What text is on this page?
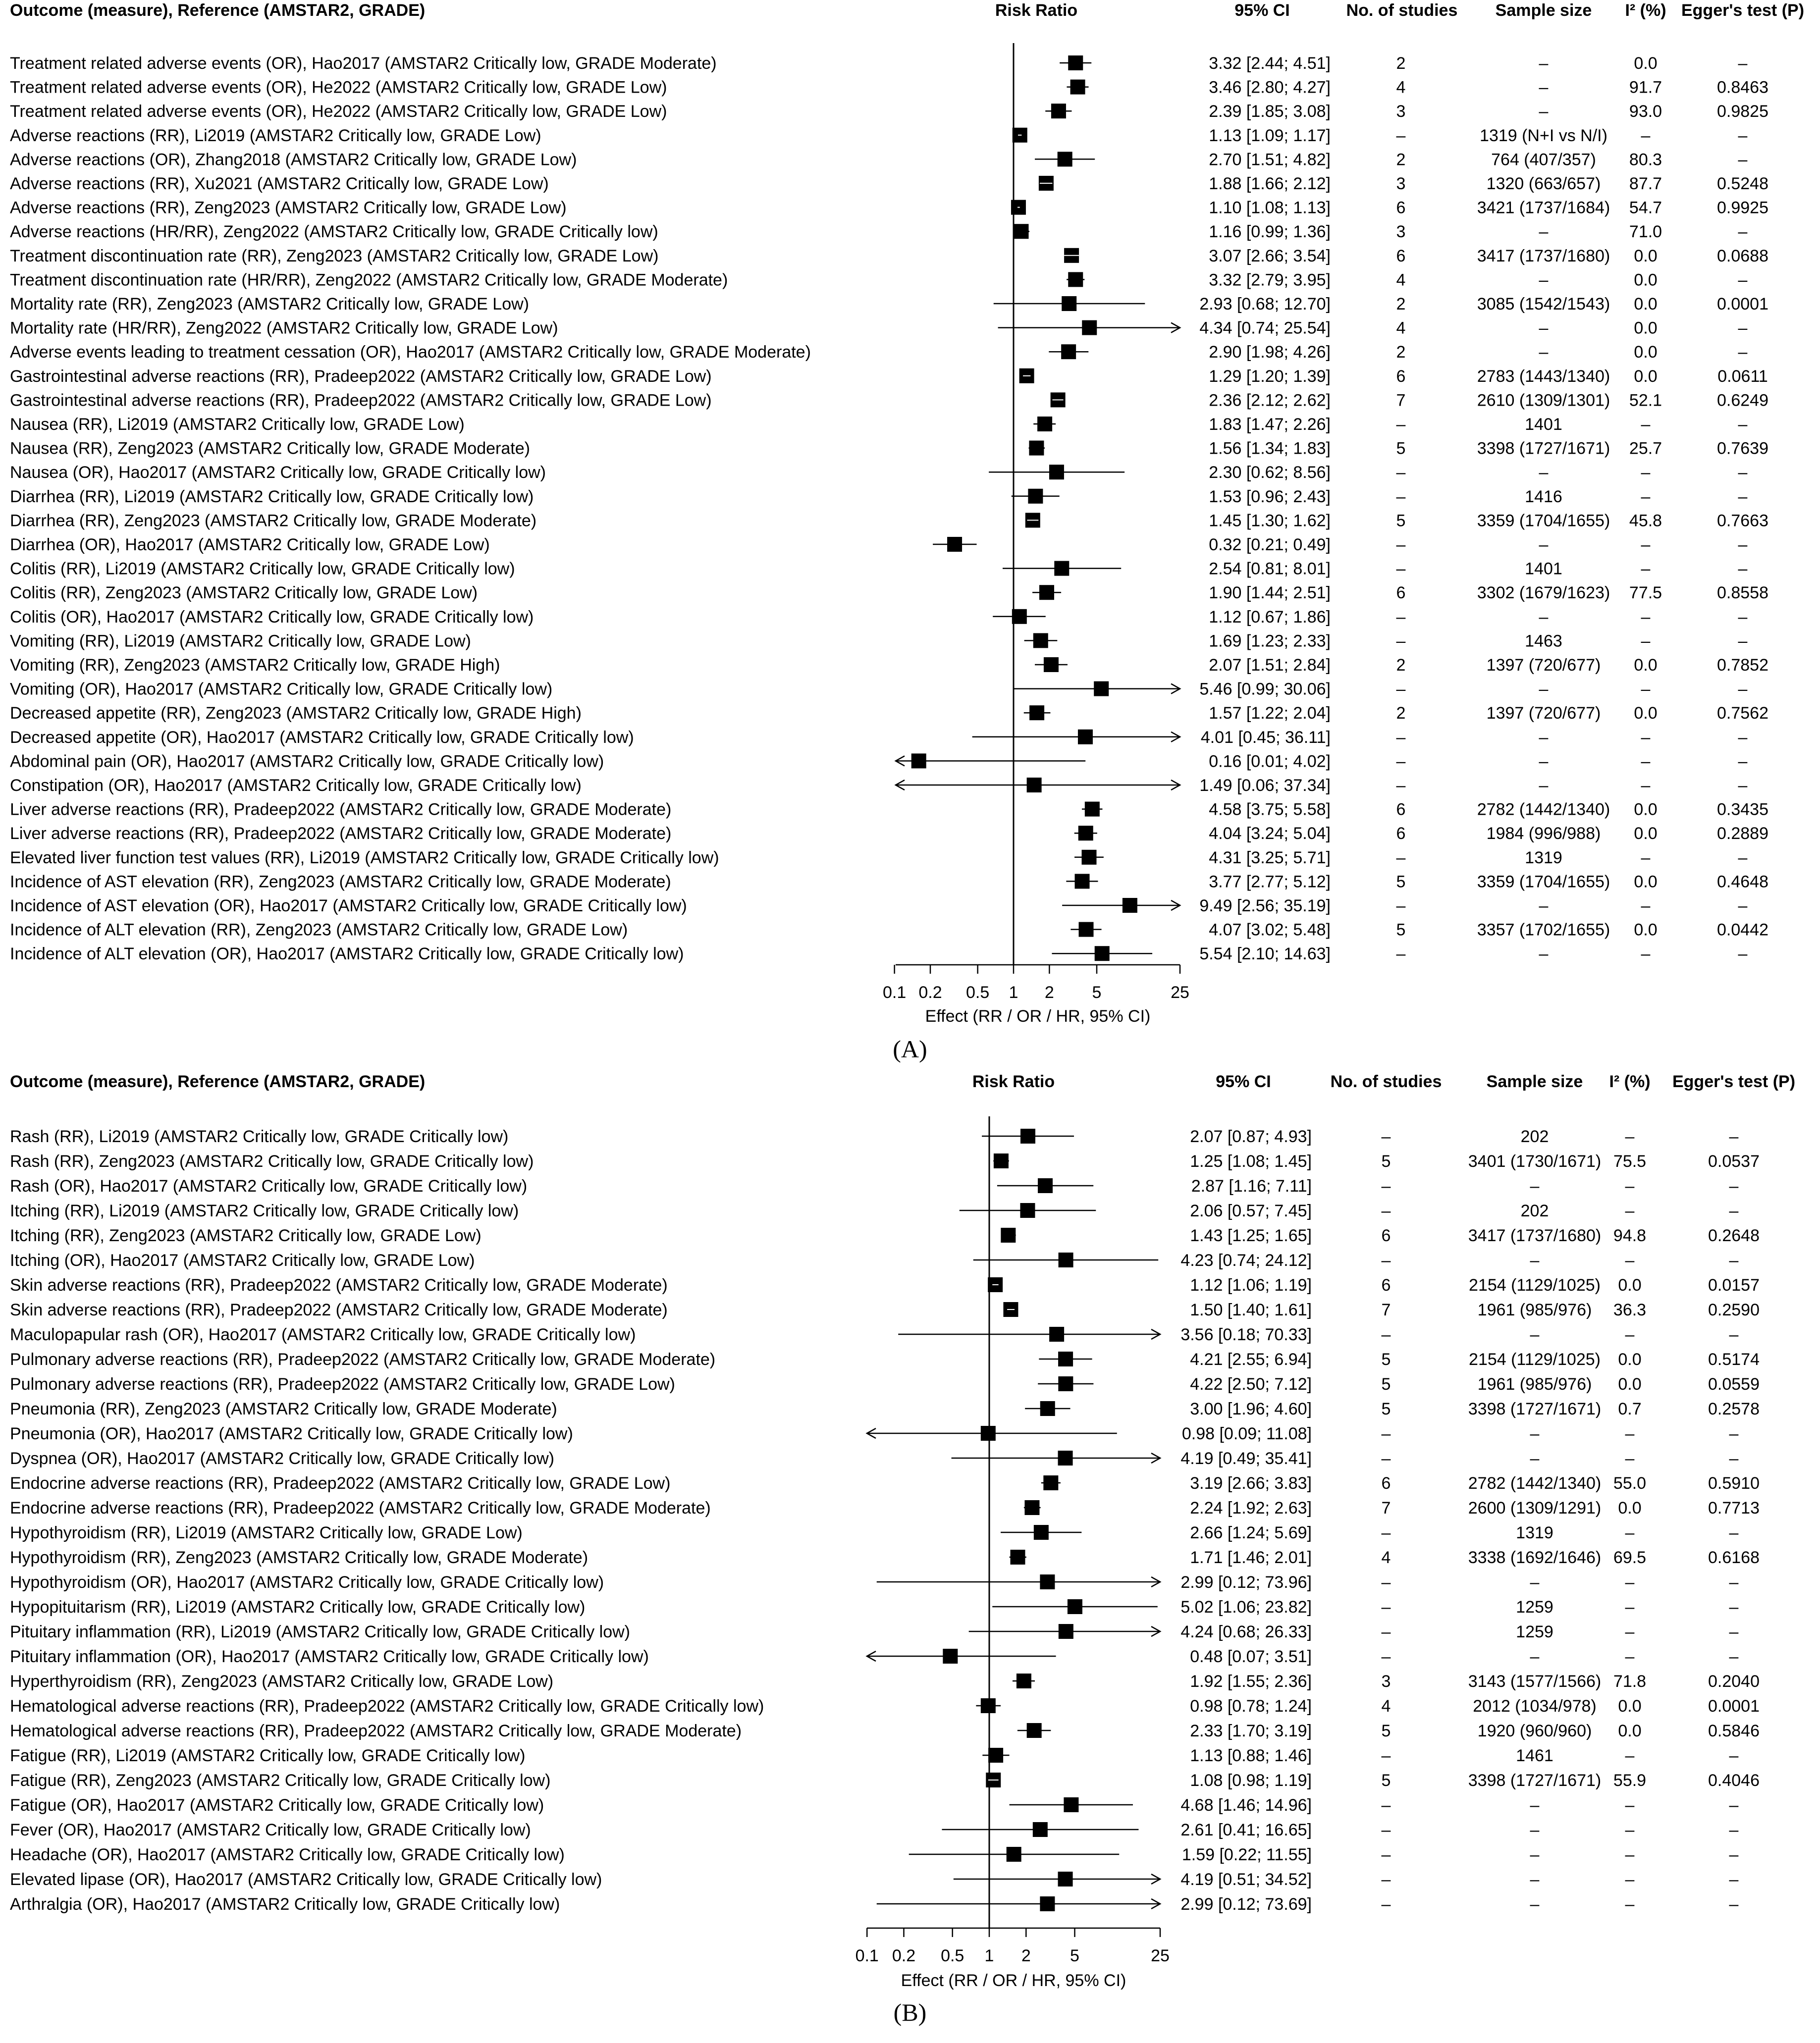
Outcome (measure), Reference (AMSTAR2, GRADE)	Risk Ratio	95% CI	No. of studies Sample size I² (%) Egger's test (P)
Treatment related adverse events (OR), Hao2017 (AMSTAR2 Critically low, GRADE Moderate)	3.32 [2.44; 4.51]	2	–	0.0	–
Treatment related adverse events (OR), He2022 (AMSTAR2 Critically low, GRADE Low)	3.46 [2.80; 4.27]	4	–	91.7	0.8463
Treatment related adverse events (OR), He2022 (AMSTAR2 Critically low, GRADE Low)	2.39 [1.85; 3.08]	3	–	93.0	0.9825
Adverse reactions (RR), Li2019 (AMSTAR2 Critically low, GRADE Low)	1.13 [1.09; 1.17]	–	1319 (N+I vs N/I) –	–
Adverse reactions (OR), Zhang2018 (AMSTAR2 Critically low, GRADE Low)	2.70 [1.51; 4.82]	2	764 (407/357) 80.3	–
Adverse reactions (RR), Xu2021 (AMSTAR2 Critically low, GRADE Low)	1.88 [1.66; 2.12]	3	1320 (663/657) 87.7	0.5248
Adverse reactions (RR), Zeng2023 (AMSTAR2 Critically low, GRADE Low)	1.10 [1.08; 1.13]	6	3421 (1737/1684) 54.7	0.9925
Adverse reactions (HR/RR), Zeng2022 (AMSTAR2 Critically low, GRADE Critically low)	1.16 [0.99; 1.36]	3	–	71.0	–
Treatment discontinuation rate (RR), Zeng2023 (AMSTAR2 Critically low, GRADE Low)	3.07 [2.66; 3.54]	6	3417 (1737/1680) 0.0	0.0688
Treatment discontinuation rate (HR/RR), Zeng2022 (AMSTAR2 Critically low, GRADE Moderate)	3.32 [2.79; 3.95]	4	–	0.0	–
Mortality rate (RR), Zeng2023 (AMSTAR2 Critically low, GRADE Low)	2.93 [0.68; 12.70]	2	3085 (1542/1543) 0.0	0.0001
Mortality rate (HR/RR), Zeng2022 (AMSTAR2 Critically low, GRADE Low)	4.34 [0.74; 25.54]	4	–	0.0	–
Adverse events leading to treatment cessation (OR), Hao2017 (AMSTAR2 Critically low, GRADE Moderate)	2.90 [1.98; 4.26]	2	–	0.0	–
Gastrointestinal adverse reactions (RR), Pradeep2022 (AMSTAR2 Critically low, GRADE Low)	1.29 [1.20; 1.39]	6	2783 (1443/1340) 0.0	0.0611
Gastrointestinal adverse reactions (RR), Pradeep2022 (AMSTAR2 Critically low, GRADE Low)	2.36 [2.12; 2.62]	7	2610 (1309/1301) 52.1	0.6249
Nausea (RR), Li2019 (AMSTAR2 Critically low, GRADE Low)	1.83 [1.47; 2.26]	–	1401	–	–
Nausea (RR), Zeng2023 (AMSTAR2 Critically low, GRADE Moderate)	1.56 [1.34; 1.83]	5	3398 (1727/1671) 25.7	0.7639
Nausea (OR), Hao2017 (AMSTAR2 Critically low, GRADE Critically low)	2.30 [0.62; 8.56]	–	–	–	–
Diarrhea (RR), Li2019 (AMSTAR2 Critically low, GRADE Critically low)	1.53 [0.96; 2.43]	–	1416	–	–
Diarrhea (RR), Zeng2023 (AMSTAR2 Critically low, GRADE Moderate)	1.45 [1.30; 1.62]	5	3359 (1704/1655) 45.8	0.7663
Diarrhea (OR), Hao2017 (AMSTAR2 Critically low, GRADE Low)	0.32 [0.21; 0.49]	–	–	–	–
Colitis (RR), Li2019 (AMSTAR2 Critically low, GRADE Critically low)	2.54 [0.81; 8.01]	–	1401	–	–
Colitis (RR), Zeng2023 (AMSTAR2 Critically low, GRADE Low)	1.90 [1.44; 2.51]	6	3302 (1679/1623) 77.5	0.8558
Colitis (OR), Hao2017 (AMSTAR2 Critically low, GRADE Critically low)	1.12 [0.67; 1.86]	–	–	–	–
Vomiting (RR), Li2019 (AMSTAR2 Critically low, GRADE Low)	1.69 [1.23; 2.33]	–	1463	–	–
Vomiting (RR), Zeng2023 (AMSTAR2 Critically low, GRADE High)	2.07 [1.51; 2.84]	2	1397 (720/677) 0.0	0.7852
Vomiting (OR), Hao2017 (AMSTAR2 Critically low, GRADE Critically low)	5.46 [0.99; 30.06]	–	–	–	–
Decreased appetite (RR), Zeng2023 (AMSTAR2 Critically low, GRADE High)	1.57 [1.22; 2.04]	2	1397 (720/677) 0.0	0.7562
Decreased appetite (OR), Hao2017 (AMSTAR2 Critically low, GRADE Critically low)	4.01 [0.45; 36.11]	–	–	–	–
Abdominal pain (OR), Hao2017 (AMSTAR2 Critically low, GRADE Critically low)	0.16 [0.01; 4.02]	–	–	–	–
Constipation (OR), Hao2017 (AMSTAR2 Critically low, GRADE Critically low)	1.49 [0.06; 37.34]	–	–	–	–
Liver adverse reactions (RR), Pradeep2022 (AMSTAR2 Critically low, GRADE Moderate)	4.58 [3.75; 5.58]	6	2782 (1442/1340) 0.0	0.3435
Liver adverse reactions (RR), Pradeep2022 (AMSTAR2 Critically low, GRADE Moderate)	4.04 [3.24; 5.04]	6	1984 (996/988) 0.0	0.2889
Elevated liver function test values (RR), Li2019 (AMSTAR2 Critically low, GRADE Critically low)	4.31 [3.25; 5.71]	–	1319	–	–
Incidence of AST elevation (RR), Zeng2023 (AMSTAR2 Critically low, GRADE Moderate)	3.77 [2.77; 5.12]	5	3359 (1704/1655) 0.0	0.4648
Incidence of AST elevation (OR), Hao2017 (AMSTAR2 Critically low, GRADE Critically low)	9.49 [2.56; 35.19]	–	–	–	–
Incidence of ALT elevation (RR), Zeng2023 (AMSTAR2 Critically low, GRADE Low)	4.07 [3.02; 5.48]	5	3357 (1702/1655) 0.0	0.0442
Incidence of ALT elevation (OR), Hao2017 (AMSTAR2 Critically low, GRADE Critically low)	5.54 [2.10; 14.63]	–	–	–	–
0.1 0.2 0.5 1 2 5	25
Effect (RR / OR / HR, 95% CI)
(A)
Outcome (measure), Reference (AMSTAR2, GRADE)	Risk Ratio	95% CI	No. of studies	Sample size I² (%) Egger's test (P)
Rash (RR), Li2019 (AMSTAR2 Critically low, GRADE Critically low)	2.07 [0.87; 4.93]	–	202	–	–
Rash (RR), Zeng2023 (AMSTAR2 Critically low, GRADE Critically low)	1.25 [1.08; 1.45]	5	3401 (1730/1671) 75.5	0.0537
Rash (OR), Hao2017 (AMSTAR2 Critically low, GRADE Critically low)	2.87 [1.16; 7.11]	–	–	–	–
Itching (RR), Li2019 (AMSTAR2 Critically low, GRADE Critically low)	2.06 [0.57; 7.45]	–	202	–	–
Itching (RR), Zeng2023 (AMSTAR2 Critically low, GRADE Low)	1.43 [1.25; 1.65]	6	3417 (1737/1680) 94.8	0.2648
Itching (OR), Hao2017 (AMSTAR2 Critically low, GRADE Low)	4.23 [0.74; 24.12]	–	–	–	–
Skin adverse reactions (RR), Pradeep2022 (AMSTAR2 Critically low, GRADE Moderate)	1.12 [1.06; 1.19]	6	2154 (1129/1025) 0.0	0.0157
Skin adverse reactions (RR), Pradeep2022 (AMSTAR2 Critically low, GRADE Moderate)	1.50 [1.40; 1.61]	7	1961 (985/976) 36.3	0.2590
Maculopapular rash (OR), Hao2017 (AMSTAR2 Critically low, GRADE Critically low)	3.56 [0.18; 70.33]	–	–	–	–
Pulmonary adverse reactions (RR), Pradeep2022 (AMSTAR2 Critically low, GRADE Moderate)	4.21 [2.55; 6.94]	5	2154 (1129/1025) 0.0	0.5174
Pulmonary adverse reactions (RR), Pradeep2022 (AMSTAR2 Critically low, GRADE Low)	4.22 [2.50; 7.12]	5	1961 (985/976) 0.0	0.0559
Pneumonia (RR), Zeng2023 (AMSTAR2 Critically low, GRADE Moderate)	3.00 [1.96; 4.60]	5	3398 (1727/1671) 0.7	0.2578
Pneumonia (OR), Hao2017 (AMSTAR2 Critically low, GRADE Critically low)	0.98 [0.09; 11.08]	–	–	–	–
Dyspnea (OR), Hao2017 (AMSTAR2 Critically low, GRADE Critically low)	4.19 [0.49; 35.41]	–	–	–	–
Endocrine adverse reactions (RR), Pradeep2022 (AMSTAR2 Critically low, GRADE Low)	3.19 [2.66; 3.83]	6	2782 (1442/1340) 55.0	0.5910
Endocrine adverse reactions (RR), Pradeep2022 (AMSTAR2 Critically low, GRADE Moderate)	2.24 [1.92; 2.63]	7	2600 (1309/1291) 0.0	0.7713
Hypothyroidism (RR), Li2019 (AMSTAR2 Critically low, GRADE Low)	2.66 [1.24; 5.69]	–	1319	–	–
Hypothyroidism (RR), Zeng2023 (AMSTAR2 Critically low, GRADE Moderate)	1.71 [1.46; 2.01]	4	3338 (1692/1646) 69.5	0.6168
Hypothyroidism (OR), Hao2017 (AMSTAR2 Critically low, GRADE Critically low)	2.99 [0.12; 73.96]	–	–	–	–
Hypopituitarism (RR), Li2019 (AMSTAR2 Critically low, GRADE Critically low)	5.02 [1.06; 23.82]	–	1259	–	–
Pituitary inflammation (RR), Li2019 (AMSTAR2 Critically low, GRADE Critically low)	4.24 [0.68; 26.33]	–	1259	–	–
Pituitary inflammation (OR), Hao2017 (AMSTAR2 Critically low, GRADE Critically low)	0.48 [0.07; 3.51]	–	–	–	–
Hyperthyroidism (RR), Zeng2023 (AMSTAR2 Critically low, GRADE Low)	1.92 [1.55; 2.36]	3	3143 (1577/1566) 71.8	0.2040
Hematological adverse reactions (RR), Pradeep2022 (AMSTAR2 Critically low, GRADE Critically low)	0.98 [0.78; 1.24]	4	2012 (1034/978) 0.0	0.0001
Hematological adverse reactions (RR), Pradeep2022 (AMSTAR2 Critically low, GRADE Moderate)	2.33 [1.70; 3.19]	5	1920 (960/960) 0.0	0.5846
Fatigue (RR), Li2019 (AMSTAR2 Critically low, GRADE Critically low)	1.13 [0.88; 1.46]	–	1461	–	–
Fatigue (RR), Zeng2023 (AMSTAR2 Critically low, GRADE Critically low)	1.08 [0.98; 1.19]	5	3398 (1727/1671) 55.9	0.4046
Fatigue (OR), Hao2017 (AMSTAR2 Critically low, GRADE Critically low)	4.68 [1.46; 14.96]	–	–	–	–
Fever (OR), Hao2017 (AMSTAR2 Critically low, GRADE Critically low)	2.61 [0.41; 16.65]	–	–	–	–
Headache (OR), Hao2017 (AMSTAR2 Critically low, GRADE Critically low)	1.59 [0.22; 11.55]	–	–	–	–
Elevated lipase (OR), Hao2017 (AMSTAR2 Critically low, GRADE Critically low)	4.19 [0.51; 34.52]	–	–	–	–
Arthralgia (OR), Hao2017 (AMSTAR2 Critically low, GRADE Critically low)	2.99 [0.12; 73.69]	–	–	–	–
0.1 0.2 0.5 1 2 5	25
Effect (RR / OR / HR, 95% CI)
(B)
